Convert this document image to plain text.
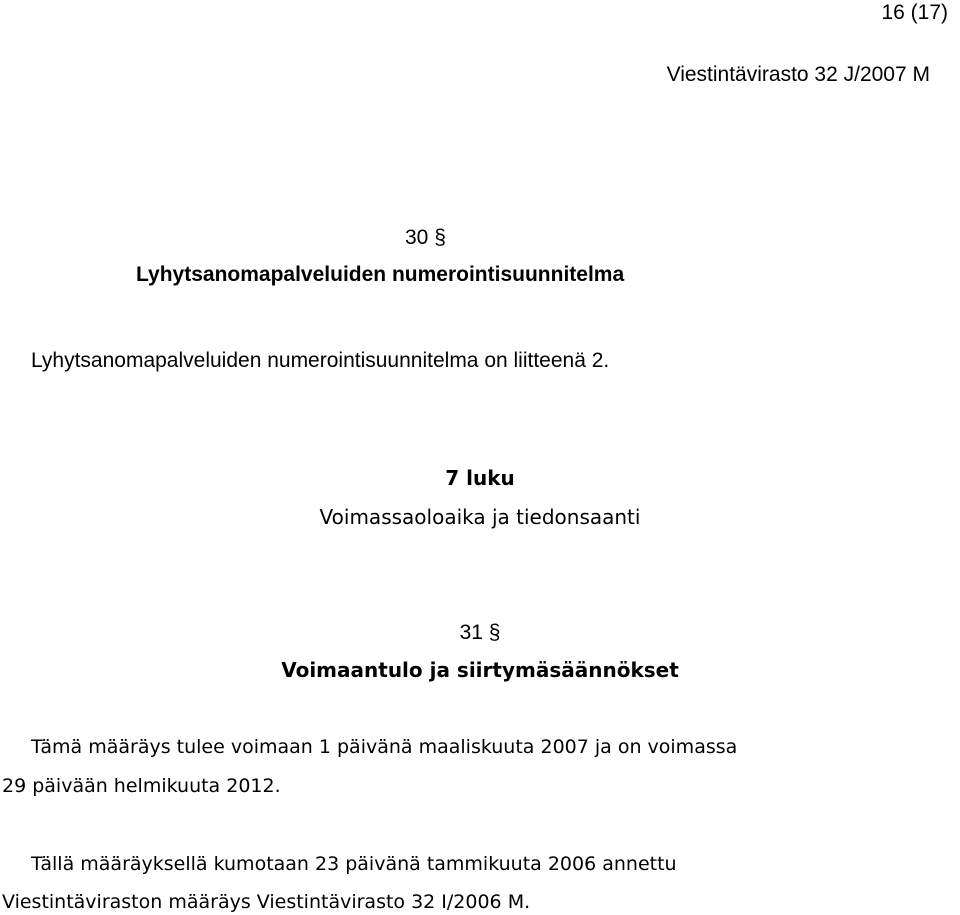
16 (17)
Viestintävirasto 32 J/2007 M
30 §
Lyhytsanomapalveluiden numerointisuunnitelma
Lyhytsanomapalveluiden numerointisuunnitelma on liitteenä 2.
7 luku
Voimassaoloaika ja tiedonsaanti
31 §
Voimaantulo ja siirtymäsäännökset
Tämä määräys tulee voimaan 1 päivänä maaliskuuta 2007 ja on voimassa
29 päivään helmikuuta 2012.
Tällä määräyksellä kumotaan 23 päivänä tammikuuta 2006 annettu
Viestintäviraston määräys Viestintävirasto 32 I/2006 M.
